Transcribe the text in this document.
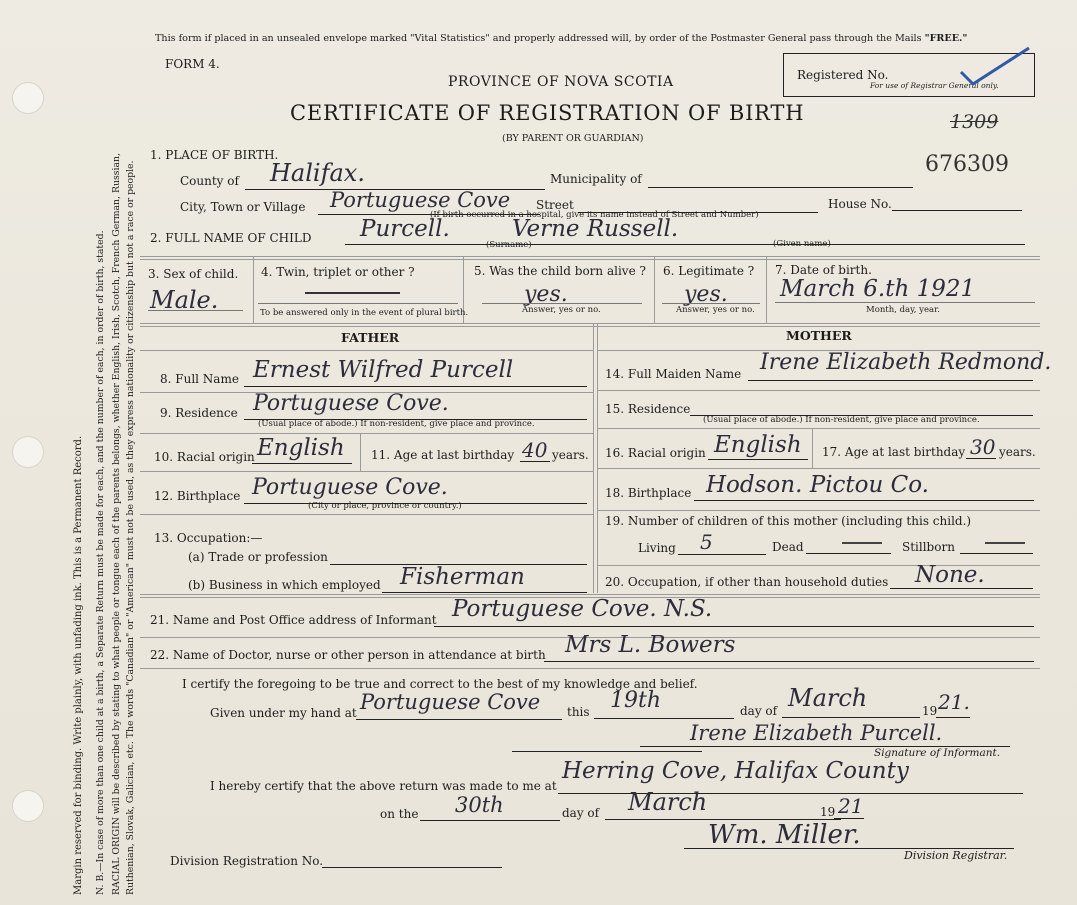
Margin reserved for binding. Write plainly, with unfading ink. This is a Permanent Record. N. B.—In case of more than one child at a birth, a Separate Return must be made for each, and the number of each, in order of birth, stated. RACIAL ORIGIN will be described by stating to what people or tongue each of the parents belongs, whether English, Irish, Scotch, French German, Russian, Ruthenian, Slovak, Galician, etc. The words "Canadian" or "American" must not be used, as they express nationality or citizenship but not a race or people.
This form if placed in an unsealed envelope marked "Vital Statistics" and properly addressed will, by order of the Postmaster General pass through the Mails "FREE."
FORM 4.
PROVINCE OF NOVA SCOTIA
CERTIFICATE OF REGISTRATION OF BIRTH
(BY PARENT OR GUARDIAN)
Registered No.
For use of Registrar General only.
1309
676309
1. PLACE OF BIRTH.
County of Halifax.	Municipality of
City, Town or Village Portuguese Cove Street	House No.
(If birth occurred in a hospital, give its name instead of Street and Number)
2. FULL NAME OF CHILD Purcell.	Verne Russell.
(Surname)	(Given name)
3. Sex of child.
Male.
4. Twin, triplet or other ?
To be answered only in the event of plural birth.
5. Was the child born alive ?
yes.
Answer, yes or no.
6. Legitimate ?
yes.
Answer, yes or no.
7. Date of birth.
March 6.th 1921
Month, day, year.
FATHER	MOTHER
8. Full Name Ernest Wilfred Purcell
9. Residence Portuguese Cove.
(Usual place of abode.) If non-resident, give place and province.
10. Racial origin English 11. Age at last birthday 40 years.
12. Birthplace Portuguese Cove.
(City or place, province or country.)
13. Occupation:—
(a) Trade or profession
(b) Business in which employed Fisherman
14. Full Maiden Name Irene Elizabeth Redmond.
15. Residence
(Usual place of abode.) If non-resident, give place and province.
16. Racial origin English 17. Age at last birthday 30 years.
18. Birthplace Hodson. Pictou Co.
19. Number of children of this mother (including this child.)
Living 5	Dead	Stillborn
20. Occupation, if other than household duties None.
21. Name and Post Office address of Informant Portuguese Cove. N.S.
22. Name of Doctor, nurse or other person in attendance at birth Mrs L. Bowers
I certify the foregoing to be true and correct to the best of my knowledge and belief.
Given under my hand at Portuguese Cove this 19th	day of March	19 21.
Irene Elizabeth Purcell.
Signature of Informant.
I hereby certify that the above return was made to me at
Herring Cove, Halifax County
on the 30th	day of March	19 21
Wm. Miller.
Division Registrar.
Division Registration No.
